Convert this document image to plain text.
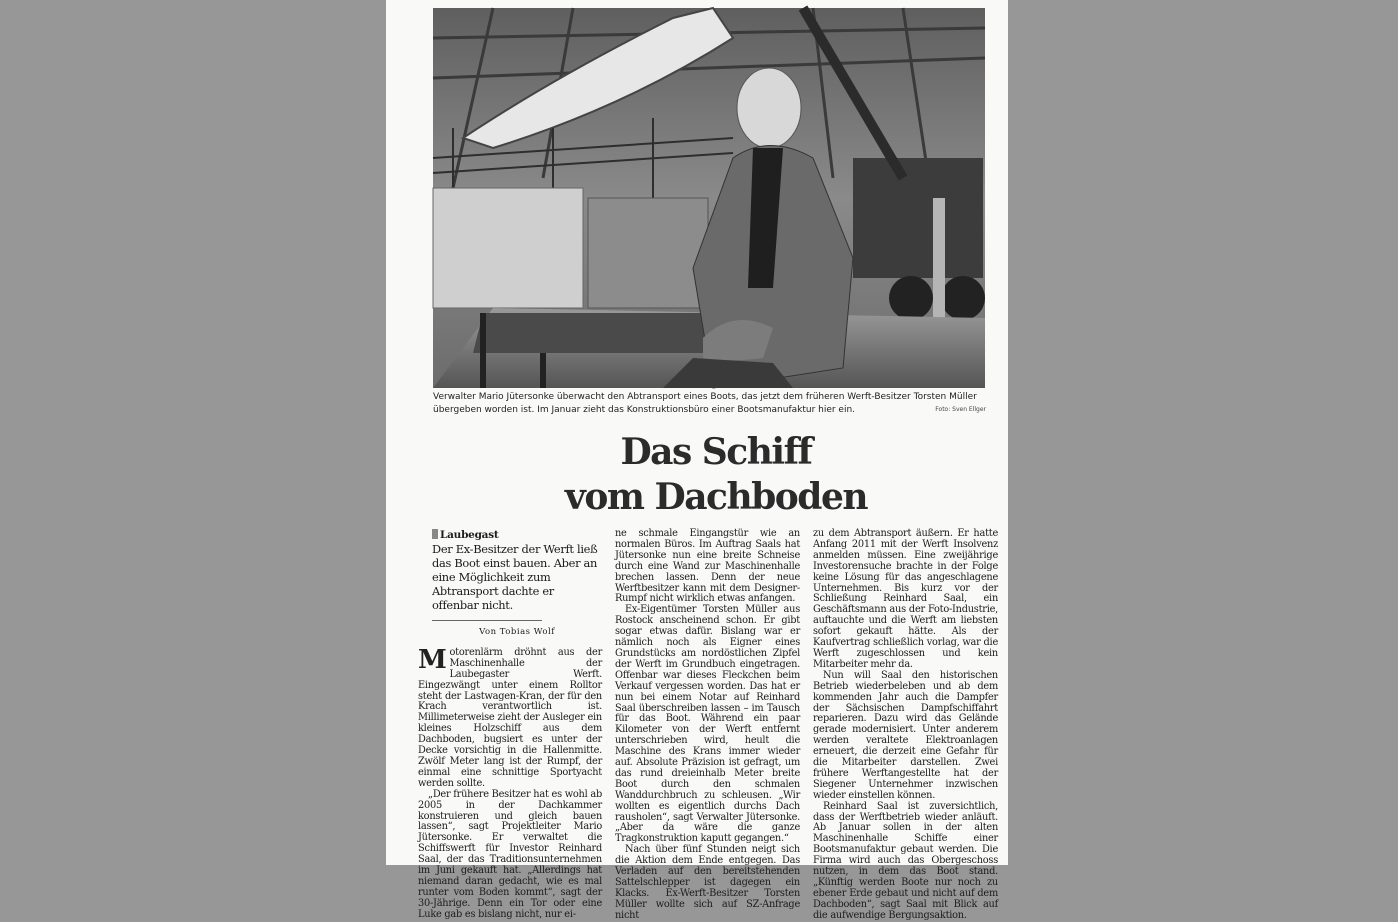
Verwalter Mario Jütersonke überwacht den Abtransport eines Boots, das jetzt dem früheren Werft-Besitzer Torsten Müller übergeben worden ist. Im Januar zieht das Konstruktionsbüro einer Bootsmanufaktur hier ein.	Foto: Sven Ellger
Das Schiff
vom Dachboden
Laubegast
Der Ex-Besitzer der Werft ließ das Boot einst bauen. Aber an eine Möglichkeit zum Abtransport dachte er offenbar nicht.
Von Tobias Wolf

Motorenlärm dröhnt aus der Maschinenhalle der Laubegaster Werft. Eingezwängt unter einem Rolltor steht der Lastwagen-Kran, der für den Krach verantwortlich ist. Millimeterweise zieht der Ausleger ein kleines Holzschiff aus dem Dachboden, bugsiert es unter der Decke vorsichtig in die Hallenmitte. Zwölf Meter lang ist der Rumpf, der einmal eine schnittige Sportyacht werden sollte.

„Der frühere Besitzer hat es wohl ab 2005 in der Dachkammer konstruieren und gleich bauen lassen“, sagt Projektleiter Mario Jütersonke. Er verwaltet die Schiffswerft für Investor Reinhard Saal, der das Traditionsunternehmen im Juni gekauft hat. „Allerdings hat niemand daran gedacht, wie es mal runter vom Boden kommt“, sagt der 30-Jährige. Denn ein Tor oder eine Luke gab es bislang nicht, nur ei-

ne schmale Eingangstür wie an normalen Büros. Im Auftrag Saals hat Jütersonke nun eine breite Schneise durch eine Wand zur Maschinenhalle brechen lassen. Denn der neue Werftbesitzer kann mit dem Designer-Rumpf nicht wirklich etwas anfangen.

Ex-Eigentümer Torsten Müller aus Rostock anscheinend schon. Er gibt sogar etwas dafür. Bislang war er nämlich noch als Eigner eines Grundstücks am nordöstlichen Zipfel der Werft im Grundbuch eingetragen. Offenbar war dieses Fleckchen beim Verkauf vergessen worden. Das hat er nun bei einem Notar auf Reinhard Saal überschreiben lassen – im Tausch für das Boot. Während ein paar Kilometer von der Werft entfernt unterschrieben wird, heult die Maschine des Krans immer wieder auf. Absolute Präzision ist gefragt, um das rund dreieinhalb Meter breite Boot durch den schmalen Wanddurchbruch zu schleusen. „Wir wollten es eigentlich durchs Dach rausholen“, sagt Verwalter Jütersonke. „Aber da wäre die ganze Tragkonstruktion kaputt gegangen.“

Nach über fünf Stunden neigt sich die Aktion dem Ende entgegen. Das Verladen auf den bereitstehenden Sattelschlepper ist dagegen ein Klacks. Ex-Werft-Besitzer Torsten Müller wollte sich auf SZ-Anfrage nicht

zu dem Abtransport äußern. Er hatte Anfang 2011 mit der Werft Insolvenz anmelden müssen. Eine zweijährige Investorensuche brachte in der Folge keine Lösung für das angeschlagene Unternehmen. Bis kurz vor der Schließung Reinhard Saal, ein Geschäftsmann aus der Foto-Industrie, auftauchte und die Werft am liebsten sofort gekauft hätte. Als der Kaufvertrag schließlich vorlag, war die Werft zugeschlossen und kein Mitarbeiter mehr da.

Nun will Saal den historischen Betrieb wiederbeleben und ab dem kommenden Jahr auch die Dampfer der Sächsischen Dampfschiffahrt reparieren. Dazu wird das Gelände gerade modernisiert. Unter anderem werden veraltete Elektroanlagen erneuert, die derzeit eine Gefahr für die Mitarbeiter darstellen. Zwei frühere Werftangestellte hat der Siegener Unternehmer inzwischen wieder einstellen können.

Reinhard Saal ist zuversichtlich, dass der Werftbetrieb wieder anläuft. Ab Januar sollen in der alten Maschinenhalle Schiffe einer Bootsmanufaktur gebaut werden. Die Firma wird auch das Obergeschoss nutzen, in dem das Boot stand. „Künftig werden Boote nur noch zu ebener Erde gebaut und nicht auf dem Dachboden“, sagt Saal mit Blick auf die aufwendige Bergungsaktion.
